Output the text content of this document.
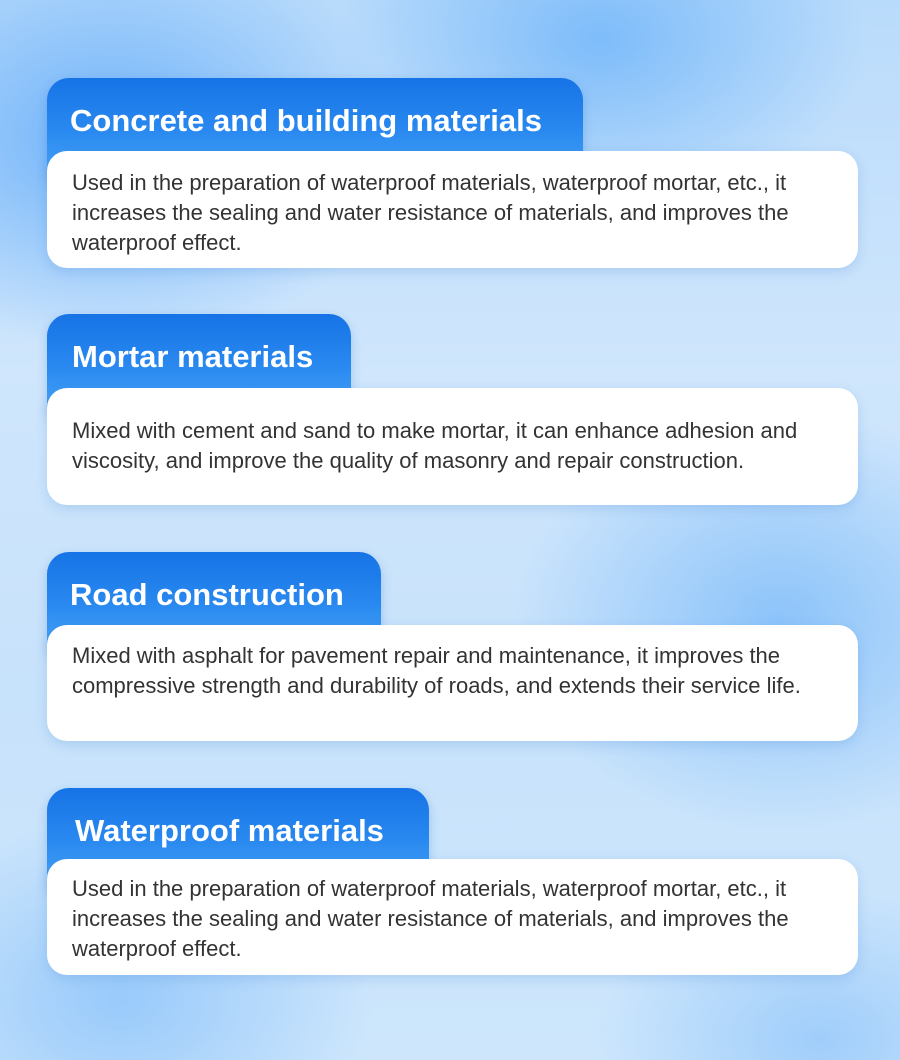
Concrete and building materials
Used in the preparation of waterproof materials, waterproof mortar, etc., it increases the sealing and water resistance of materials, and improves the waterproof effect.
Mortar materials
Mixed with cement and sand to make mortar, it can enhance adhesion and viscosity, and improve the quality of masonry and repair construction.
Road construction
Mixed with asphalt for pavement repair and maintenance, it improves the compressive strength and durability of roads, and extends their service life.
Waterproof materials
Used in the preparation of waterproof materials, waterproof mortar, etc., it increases the sealing and water resistance of materials, and improves the waterproof effect.
